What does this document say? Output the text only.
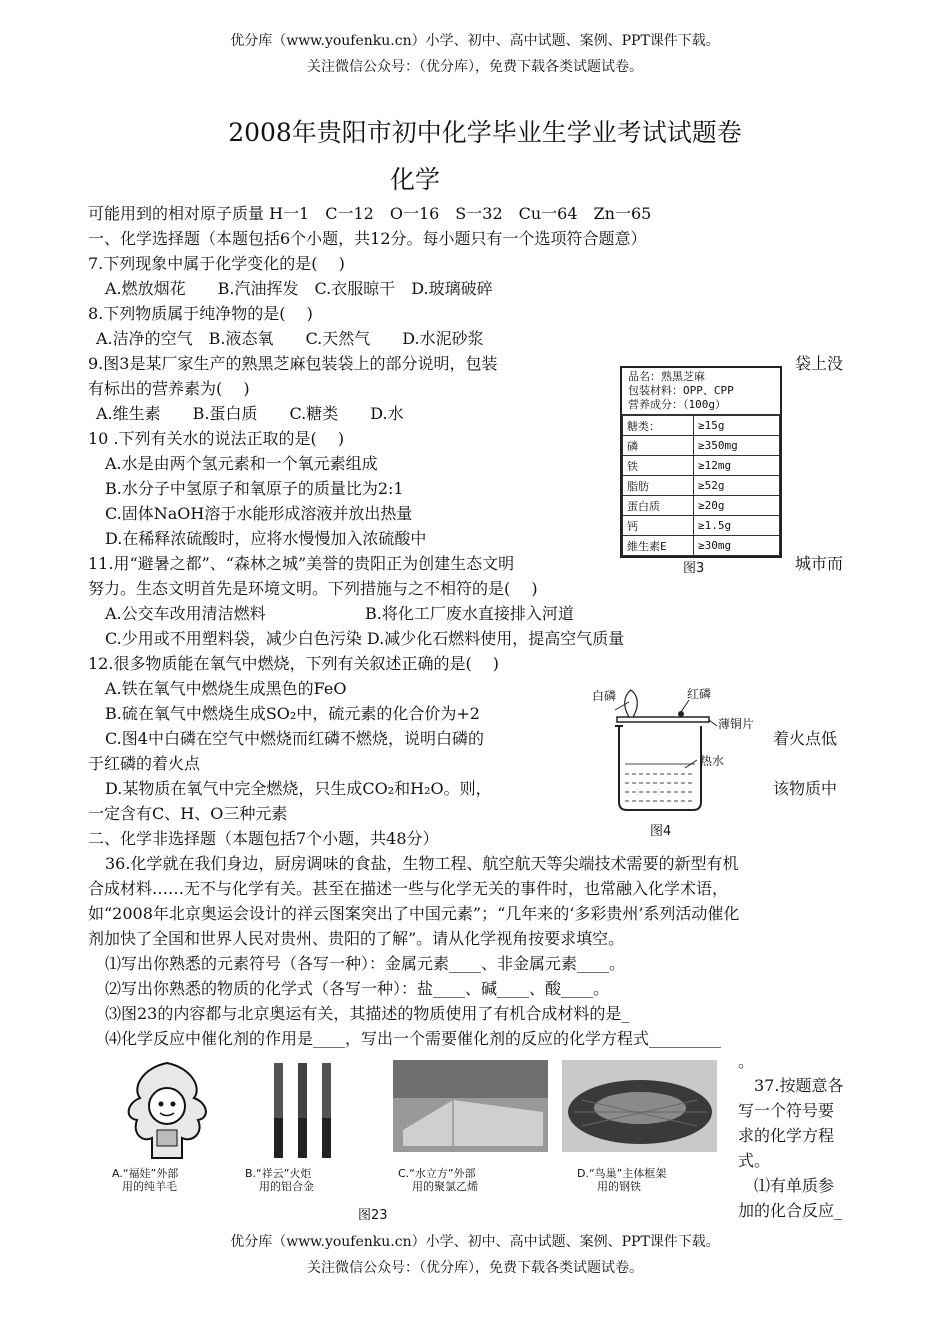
优分库（www.youfenku.cn）小学、初中、高中试题、案例、PPT课件下载。
关注微信公众号：（优分库），免费下载各类试题试卷。
2008年贵阳市初中化学毕业生学业考试试题卷
化学
可能用到的相对原子质量 H一1　C一12　O一16　S一32　Cu一64　Zn一65
一、化学选择题（本题包括6个小题，共12分。每小题只有一个选项符合题意）
7.下列现象中属于化学变化的是(　 )
A.燃放烟花　　B.汽油挥发　C.衣服晾干　D.玻璃破碎
8.下列物质属于纯净物的是(　 )
A.洁净的空气　B.液态氧　　C.天然气　　D.水泥砂浆
9.图3是某厂家生产的熟黑芝麻包装袋上的部分说明，包装	袋上没
有标出的营养素为(　 )
A.维生素　　B.蛋白质　　C.糖类　　D.水
10 .下列有关水的说法正取的是(　 )
A.水是由两个氢元素和一个氧元素组成
B.水分子中氢原子和氧原子的质量比为2:1
C.固体NaOH溶于水能形成溶液并放出热量
D.在稀释浓硫酸时，应将水慢慢加入浓硫酸中
11.用“避暑之都”、“森林之城”美誉的贵阳正为创建生态文明	城市而
努力。生态文明首先是环境文明。下列措施与之不相符的是(　 )
A.公交车改用清洁燃料	B.将化工厂废水直接排入河道
C.少用或不用塑料袋，减少白色污染 D.减少化石燃料使用，提高空气质量
12.很多物质能在氧气中燃烧，下列有关叙述正确的是(　 )
A.铁在氧气中燃烧生成黑色的FeO
B.硫在氧气中燃烧生成SO₂中，硫元素的化合价为+2
C.图4中白磷在空气中燃烧而红磷不燃烧，说明白磷的	着火点低
于红磷的着火点
D.某物质在氧气中完全燃烧，只生成CO₂和H₂O。则，	该物质中
一定含有C、H、O三种元素
二、化学非选择题（本题包括7个小题，共48分）
36.化学就在我们身边，厨房调味的食盐，生物工程、航空航天等尖端技术需要的新型有机
合成材料……无不与化学有关。甚至在描述一些与化学无关的事件时，也常融入化学术语，
如“2008年北京奥运会设计的祥云图案突出了中国元素”；“几年来的‘多彩贵州’系列活动催化
剂加快了全国和世界人民对贵州、贵阳的了解”。请从化学视角按要求填空。
⑴写出你熟悉的元素符号（各写一种）：金属元素____、非金属元素____。
⑵写出你熟悉的物质的化学式（各写一种）：盐____、碱____、酸____。
⑶图23的内容都与北京奥运有关，其描述的物质使用了有机合成材料的是_
⑷化学反应中催化剂的作用是____，写出一个需要催化剂的反应的化学方程式_________
。
37.按题意各
写一个符号要
求的化学方程
式。
⑴有单质参
加的化合反应_
品名：熟黑芝麻
包装材料：OPP、CPP
营养成分：（100g）
糖类：	≥15g
磷	≥350mg
铁	≥12mg
脂肪	≥52g
蛋白质	≥20g
钙	≥1.5g
維生素E	≥30mg
图3
白磷	红磷
薄铜片
热水
图4
A.“福娃”外部
用的纯羊毛
B.“祥云”火炬
用的铝合金
C.“水立方”外部
用的聚氯乙烯
D.“鸟巢”主体框架
用的钢铁
图23
优分库（www.youfenku.cn）小学、初中、高中试题、案例、PPT课件下载。
关注微信公众号：（优分库），免费下载各类试题试卷。
